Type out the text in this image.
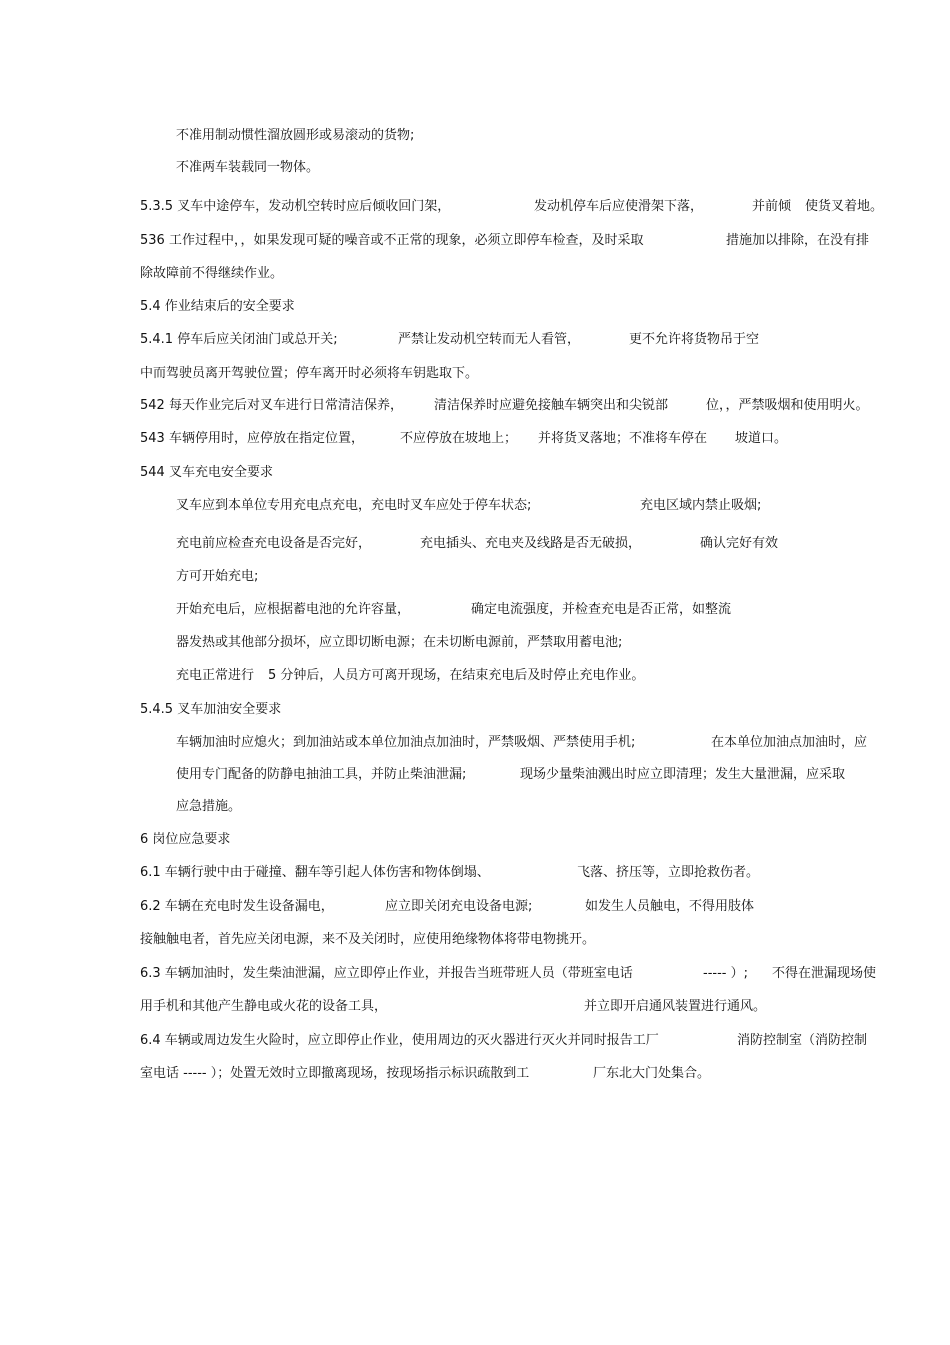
不准用制动惯性溜放圆形或易滚动的货物;
不准两车装载同一物体。
5.3.5 叉车中途停车，发动机空转时应后倾收回门架，	发动机停车后应使滑架下落，	并前倾 使货叉着地。
536 工作过程中，，如果发现可疑的噪音或不正常的现象，必须立即停车检查，及时采取	措施加以排除，在没有排
除故障前不得继续作业。
5.4 作业结束后的安全要求
5.4.1 停车后应关闭油门或总开关;	严禁让发动机空转而无人看管，	更不允许将货物吊于空
中而驾驶员离开驾驶位置；停车离开时必须将车钥匙取下。
542 每天作业完后对叉车进行日常清洁保养， 清洁保养时应避免接触车辆突出和尖锐部	位，，严禁吸烟和使用明火。
543 车辆停用时，应停放在指定位置，	不应停放在坡地上； 并将货叉落地；不准将车停在 坡道口。
544 叉车充电安全要求
叉车应到本单位专用充电点充电，充电时叉车应处于停车状态;	充电区域内禁止吸烟;
充电前应检查充电设备是否完好，	充电插头、充电夹及线路是否无破损，	确认完好有效
方可开始充电;
开始充电后，应根据蓄电池的允许容量，	确定电流强度，并检查充电是否正常，如整流
器发热或其他部分损坏，应立即切断电源；在未切断电源前，严禁取用蓄电池;
充电正常进行 5 分钟后，人员方可离开现场，在结束充电后及时停止充电作业。
5.4.5 叉车加油安全要求
车辆加油时应熄火；到加油站或本单位加油点加油时，严禁吸烟、严禁使用手机;	在本单位加油点加油时，应
使用专门配备的防静电抽油工具，并防止柴油泄漏;	现场少量柴油溅出时应立即清理；发生大量泄漏，应采取
应急措施。
6 岗位应急要求
6.1 车辆行驶中由于碰撞、翻车等引起人体伤害和物体倒塌、	飞落、挤压等，立即抢救伤者。
6.2 车辆在充电时发生设备漏电，	应立即关闭充电设备电源;	如发生人员触电，不得用肢体
接触触电者，首先应关闭电源，来不及关闭时，应使用绝缘物体将带电物挑开。
6.3 车辆加油时，发生柴油泄漏，应立即停止作业，并报告当班带班人员（带班室电话	----- ）; 不得在泄漏现场使
用手机和其他产生静电或火花的设备工具，	并立即开启通风装置进行通风。
6.4 车辆或周边发生火险时，应立即停止作业，使用周边的灭火器进行灭火并同时报告工厂	消防控制室（消防控制
室电话 ----- ）；处置无效时立即撤离现场，按现场指示标识疏散到工	厂东北大门处集合。
